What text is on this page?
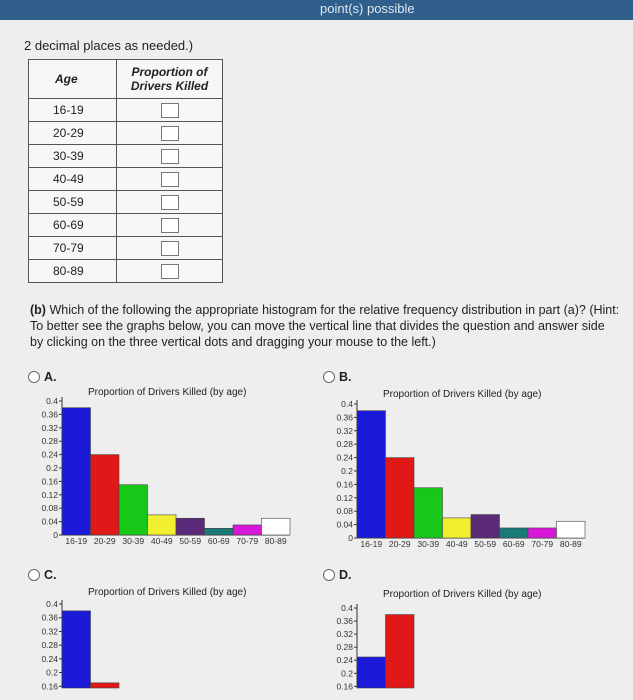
point(s) possible
2 decimal places as needed.)
Age	Proportion of Drivers Killed
16-19	
20-29	
30-39	
40-49	
50-59	
60-69	
70-79	
80-89	
(b) Which of the following the appropriate histogram for the relative frequency distribution in part (a)? (Hint: To better see the graphs below, you can move the vertical line that divides the question and answer side by clicking on the three vertical dots and dragging your mouse to the left.)
A.	B.
C.	D.
Proportion of Drivers Killed (by age)	Proportion of Drivers Killed (by age)
Proportion of Drivers Killed (by age)	Proportion of Drivers Killed (by age)
0
0.04
0.08
0.12
0.16
0.2
0.24
0.28
0.32
0.36
0.4
16-19 20-29 30-39 40-49 50-59 60-69 70-79 80-89	0
0.04
0.08
0.12
0.16
0.2
0.24
0.28
0.32
0.36
0.4
16-19 20-29 30-39 40-49 50-59 60-69 70-79 80-89
0.16
0.2
0.24
0.28
0.32
0.36
0.4
0.16
0.2
0.24
0.28
0.32
0.36
0.4
